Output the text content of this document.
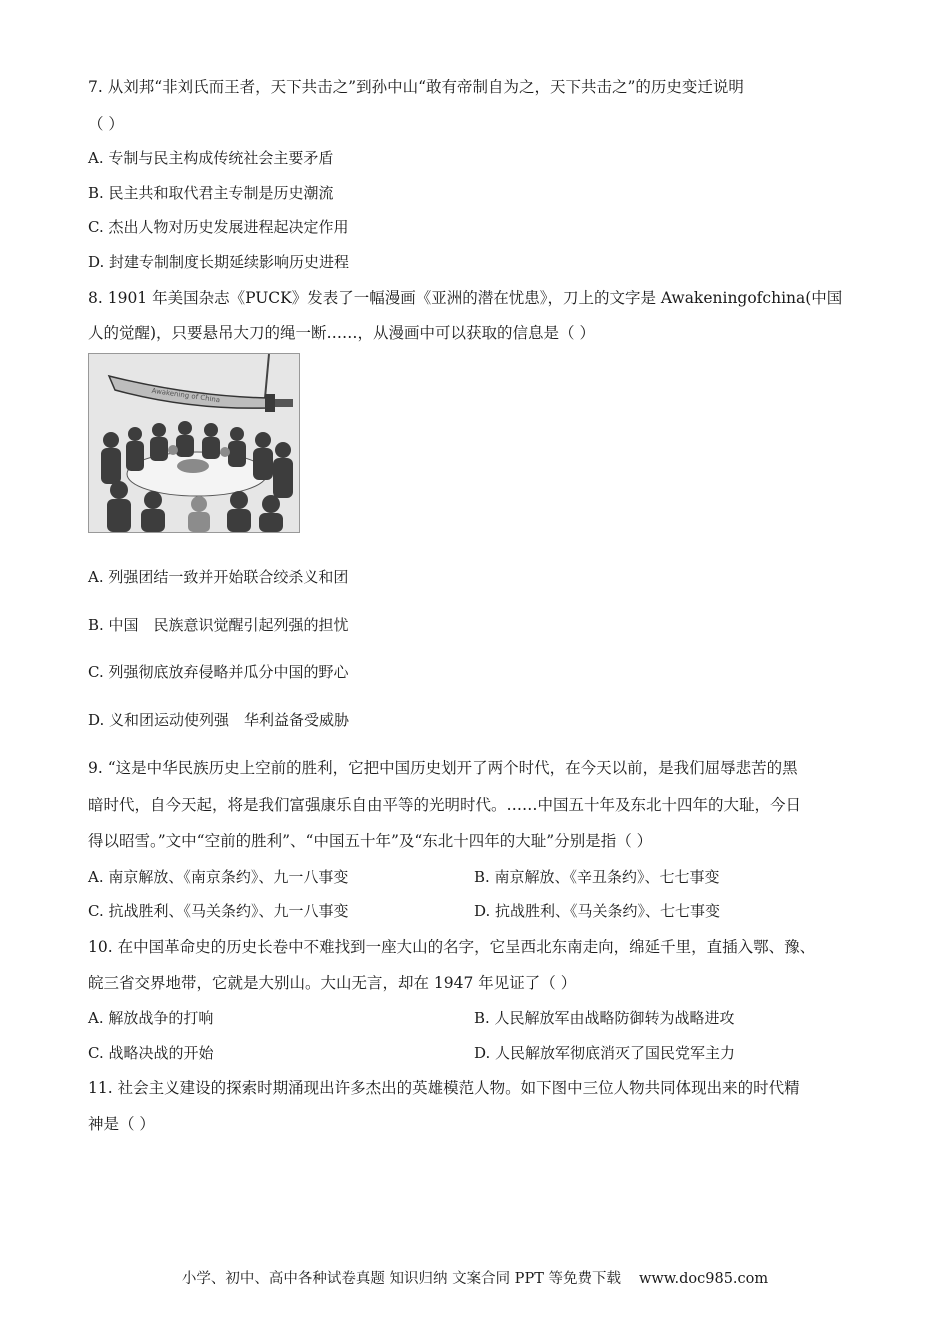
7. 从刘邦“非刘氏而王者，天下共击之”到孙中山“敢有帝制自为之，天下共击之”的历史变迁说明
（ ）
A. 专制与民主构成传统社会主要矛盾
B. 民主共和取代君主专制是历史潮流
C. 杰出人物对历史发展进程起决定作用
D. 封建专制制度长期延续影响历史进程
8. 1901 年美国杂志《PUCK》发表了一幅漫画《亚洲的潜在忧患》，刀上的文字是 Awakeningofchina(中国
人的觉醒)，只要悬吊大刀的绳一断……，从漫画中可以获取的信息是（ ）
Awakening of China
A. 列强团结一致并开始联合绞杀义和团
B. 中国　民族意识觉醒引起列强的担忧
C. 列强彻底放弃侵略并瓜分中国的野心
D. 义和团运动使列强　华利益备受威胁
9. “这是中华民族历史上空前的胜利，它把中国历史划开了两个时代，在今天以前，是我们屈辱悲苦的黑
暗时代，自今天起，将是我们富强康乐自由平等的光明时代。……中国五十年及东北十四年的大耻，今日
得以昭雪。”文中“空前的胜利”、“中国五十年”及“东北十四年的大耻”分别是指（ ）
A. 南京解放、《南京条约》、九一八事变	B. 南京解放、《辛丑条约》、七七事变
C. 抗战胜利、《马关条约》、九一八事变	D. 抗战胜利、《马关条约》、七七事变
10. 在中国革命史的历史长卷中不难找到一座大山的名字，它呈西北东南走向，绵延千里，直插入鄂、豫、
皖三省交界地带，它就是大别山。大山无言，却在 1947 年见证了（ ）
A. 解放战争的打响	B. 人民解放军由战略防御转为战略进攻
C. 战略决战的开始	D. 人民解放军彻底消灭了国民党军主力
11. 社会主义建设的探索时期涌现出许多杰出的英雄模范人物。如下图中三位人物共同体现出来的时代精
神是（ ）
小学、初中、高中各种试卷真题 知识归纳 文案合同 PPT 等免费下载 www.doc985.com
